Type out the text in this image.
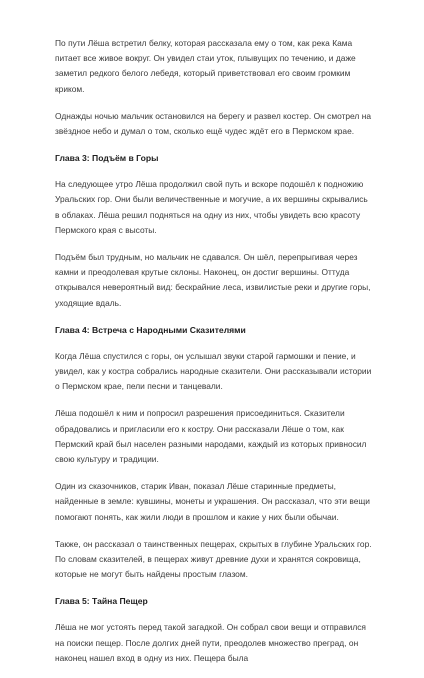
По пути Лёша встретил белку, которая рассказала ему о том, как река Кама питает все живое вокруг. Он увидел стаи уток, плывущих по течению, и даже заметил редкого белого лебедя, который приветствовал его своим громким криком.

Однажды ночью мальчик остановился на берегу и развел костер. Он смотрел на звёздное небо и думал о том, сколько ещё чудес ждёт его в Пермском крае.

Глава 3: Подъём в Горы

На следующее утро Лёша продолжил свой путь и вскоре подошёл к подножию Уральских гор. Они были величественные и могучие, а их вершины скрывались в облаках. Лёша решил подняться на одну из них, чтобы увидеть всю красоту Пермского края с высоты.

Подъём был трудным, но мальчик не сдавался. Он шёл, перепрыгивая через камни и преодолевая крутые склоны. Наконец, он достиг вершины. Оттуда открывался невероятный вид: бескрайние леса, извилистые реки и другие горы, уходящие вдаль.

Глава 4: Встреча с Народными Сказителями

Когда Лёша спустился с горы, он услышал звуки старой гармошки и пение, и увидел, как у костра собрались народные сказители. Они рассказывали истории о Пермском крае, пели песни и танцевали.

Лёша подошёл к ним и попросил разрешения присоединиться. Сказители обрадовались и пригласили его к костру. Они рассказали Лёше о том, как Пермский край был населен разными народами, каждый из которых привносил свою культуру и традиции.

Один из сказочников, старик Иван, показал Лёше старинные предметы, найденные в земле: кувшины, монеты и украшения. Он рассказал, что эти вещи помогают понять, как жили люди в прошлом и какие у них были обычаи.

Также, он рассказал о таинственных пещерах, скрытых в глубине Уральских гор. По словам сказителей, в пещерах живут древние духи и хранятся сокровища, которые не могут быть найдены простым глазом.

Глава 5: Тайна Пещер

Лёша не мог устоять перед такой загадкой. Он собрал свои вещи и отправился на поиски пещер. После долгих дней пути, преодолев множество преград, он наконец нашел вход в одну из них. Пещера была
